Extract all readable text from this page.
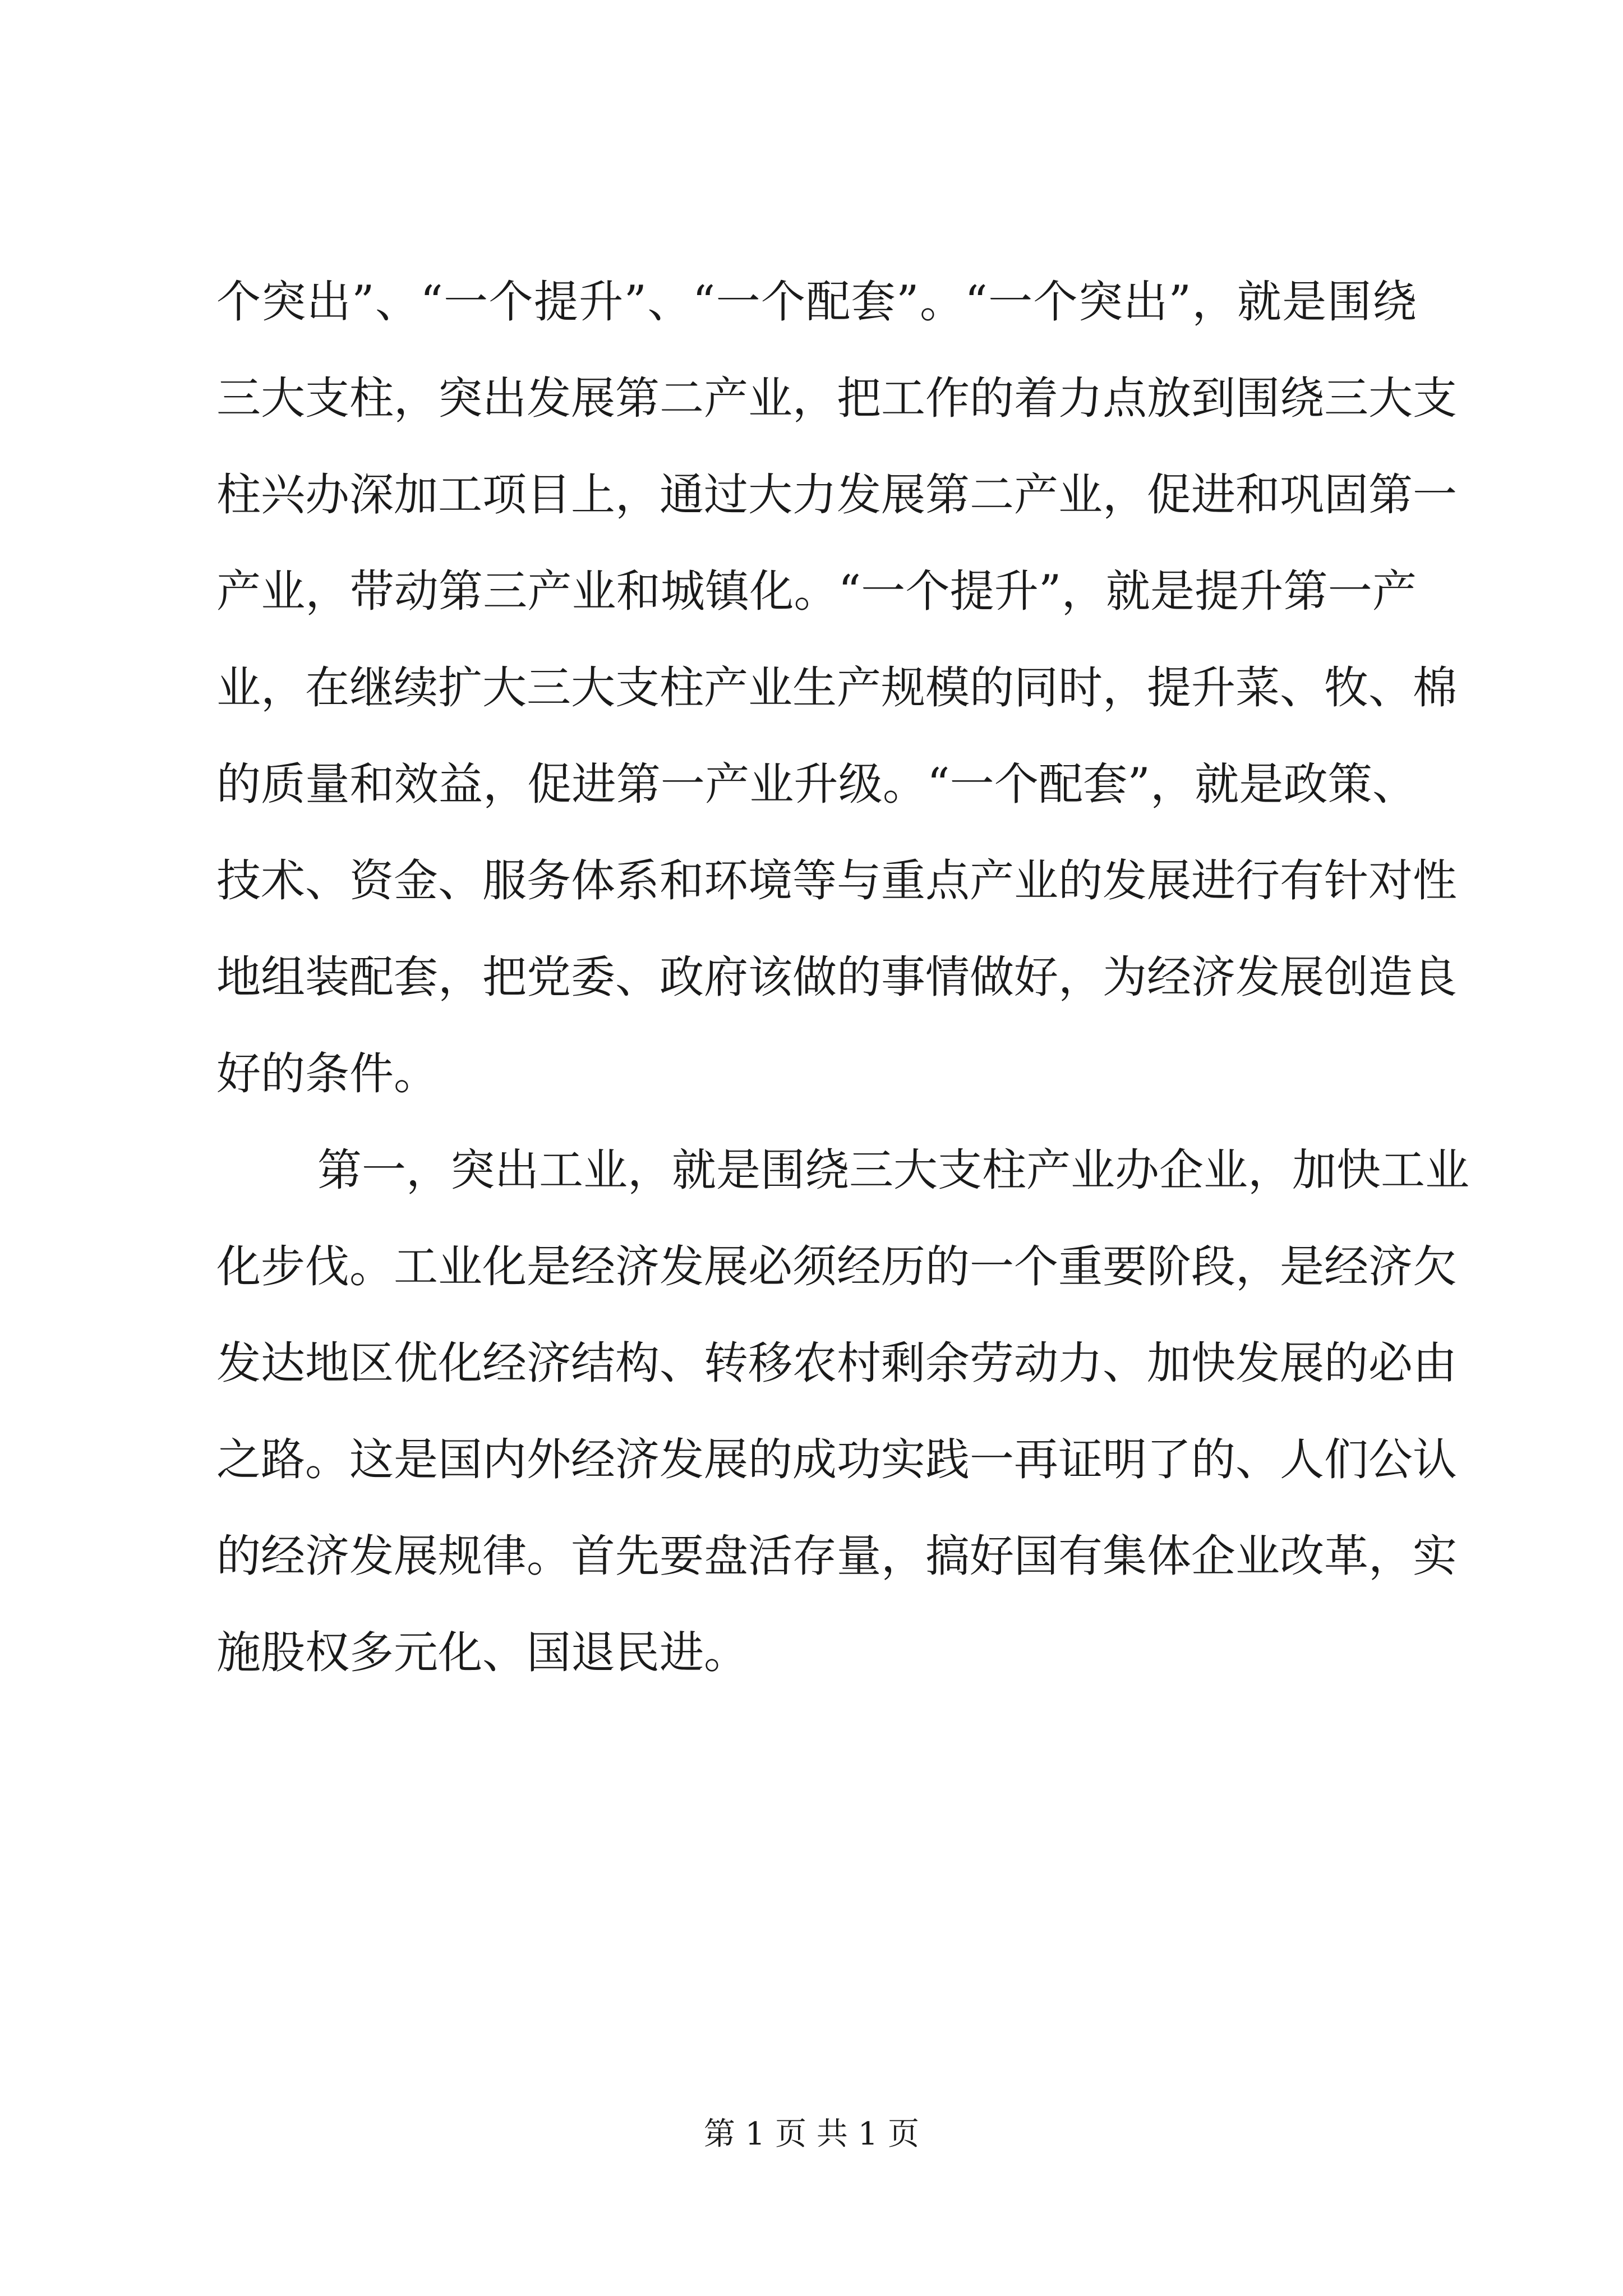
个突出”、“一个提升”、“一个配套”。“一个突出”，就是围绕
三大支柱，突出发展第二产业，把工作的着力点放到围绕三大支
柱兴办深加工项目上，通过大力发展第二产业，促进和巩固第一
产业，带动第三产业和城镇化。“一个提升”，就是提升第一产
业，在继续扩大三大支柱产业生产规模的同时，提升菜、牧、棉
的质量和效益，促进第一产业升级。“一个配套”，就是政策、
技术、资金、服务体系和环境等与重点产业的发展进行有针对性
地组装配套，把党委、政府该做的事情做好，为经济发展创造良
好的条件。
第一，突出工业，就是围绕三大支柱产业办企业，加快工业
化步伐。工业化是经济发展必须经历的一个重要阶段，是经济欠
发达地区优化经济结构、转移农村剩余劳动力、加快发展的必由
之路。这是国内外经济发展的成功实践一再证明了的、人们公认
的经济发展规律。首先要盘活存量，搞好国有集体企业改革，实
施股权多元化、国退民进。
第 1 页 共 1 页
